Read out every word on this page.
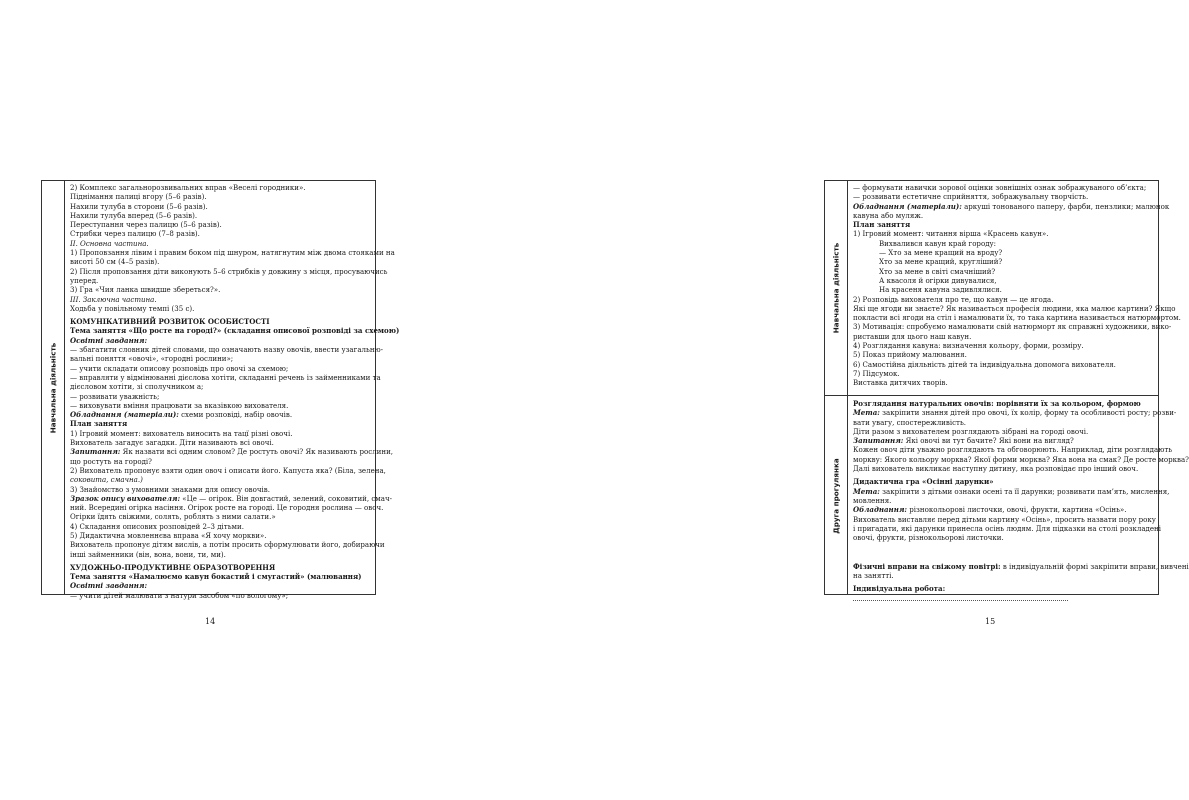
Навчальна діяльність
2) Комплекс загальнорозвивальних вправ «Веселі городники».
Піднімання палиці вгору (5–6 разів).
Нахили тулуба в сторони (5–6 разів).
Нахили тулуба вперед (5–6 разів).
Переступання через палицю (5–6 разів).
Стрибки через палицю (7–8 разів).
II. Основна частина.
1) Проповзання лівим і правим боком під шнуром, натягнутим між двома стояками на
висоті 50 см (4–5 разів).
2) Після проповзання діти виконують 5–6 стрибків у довжину з місця, просуваючись
уперед.
3) Гра «Чия ланка швидше збереться?».
III. Заключна частина.
Ходьба у повільному темпі (35 с).
КОМУНІКАТИВНИЙ РОЗВИТОК ОСОБИСТОСТІ
Тема заняття «Що росте на городі?» (складання описової розповіді за схемою)
Освітні завдання:
— збагатити словник дітей словами, що означають назву овочів, ввести узагальню-
вальні поняття «овочі», «городні рослини»;
— учити складати описову розповідь про овочі за схемою;
— вправляти у відмінюванні дієслова хотіти, складанні речень із займенниками та
дієсловом хотіти, зі сполучником а;
— розвивати уважність;
— виховувати вміння працювати за вказівкою вихователя.
Обладнання (матеріали): схеми розповіді, набір овочів.
План заняття
1) Ігровий момент: вихователь виносить на тацї різні овочі.
Вихователь загадує загадки. Діти називають всі овочі.
Запитання: Як назвати всі одним словом? Де ростуть овочі? Як називають рослини,
що ростуть на городі?
2) Вихователь пропонує взяти один овоч і описати його. Капуста яка? (Біла, зелена,
соковита, смачна.)
3) Знайомство з умовними знаками для опису овочів.
Зразок опису вихователя: «Це — огірок. Він довгастий, зелений, соковитий, смач-
ний. Всередині огірка насіння. Огірок росте на городі. Це городня рослина — овоч.
Огірки їдять свіжими, солять, роблять з ними салати.»
4) Складання описових розповідей 2–3 дітьми.
5) Дидактична мовленнєва вправа «Я хочу моркви».
Вихователь пропонує дітям вислів, а потім просить сформулювати його, добираючи
інші займенники (він, вона, вони, ти, ми).
ХУДОЖНЬО-ПРОДУКТИВНЕ ОБРАЗОТВОРЕННЯ
Тема заняття «Намалюємо кавун бокастий і смугастий» (малювання)
Освітні завдання:
— учити дітей малювати з натури засобом «по вологому»;
14
Навчальна діяльність
Друга прогулянка
— формувати навички зорової оцінки зовнішніх ознак зображуваного об’єкта;
— розвивати естетичне сприйняття, зображувальну творчість.
Обладнання (матеріали): аркуші тонованого паперу, фарби, пензлики; малюнок
кавуна або муляж.
План заняття
1) Ігровий момент: читання вірша «Красень кавун».
Вихвалився кавун край городу:
— Хто за мене кращий на вроду?
Хто за мене кращий, кругліший?
Хто за мене в світі смачніший?
А квасоля й огірки дивувалися,
На красеня кавуна задивлялися.
2) Розповідь вихователя про те, що кавун — це ягода.
Які ще ягоди ви знаєте? Як називається професія людини, яка малює картини? Якщо
покласти всі ягоди на стіл і намалювати їх, то така картина називається натюрмортом.
3) Мотивація: спробуємо намалювати свій натюрморт як справжні художники, вико-
риставши для цього наш кавун.
4) Розглядання кавуна: визначення кольору, форми, розміру.
5) Показ прийому малювання.
6) Самостійна діяльність дітей та індивідуальна допомога вихователя.
7) Підсумок.
Виставка дитячих творів.
Розглядання натуральних овочів: порівняти їх за кольором, формою
Мета: закріпити знання дітей про овочі, їх колір, форму та особливості росту; розви-
вати увагу, спостережливість.
Діти разом з вихователем розглядають зібрані на городі овочі.
Запитання: Які овочі ви тут бачите? Які вони на вигляд?
Кожен овоч діти уважно розглядають та обговорюють. Наприклад, діти розглядають
моркву: Якого кольору морква? Якої форми морква? Яка вона на смак? Де росте морква?
Далі вихователь викликає наступну дитину, яка розповідає про інший овоч.
Дидактична гра «Осінні дарунки»
Мета: закріпити з дітьми ознаки осені та її дарунки; розвивати пам’ять, мислення,
мовлення.
Обладнання: різнокольорові листочки, овочі, фрукти, картина «Осінь».
Вихователь виставляє перед дітьми картину «Осінь», просить назвати пору року
і пригадати, які дарунки принесла осінь людям. Для підказки на столі розкладені
овочі, фрукти, різнокольорові листочки.
Фізичні вправи на свіжому повітрі: в індивідуальній формі закріпити вправи, вивчені
на занятті.
Індивідуальна робота:
15
